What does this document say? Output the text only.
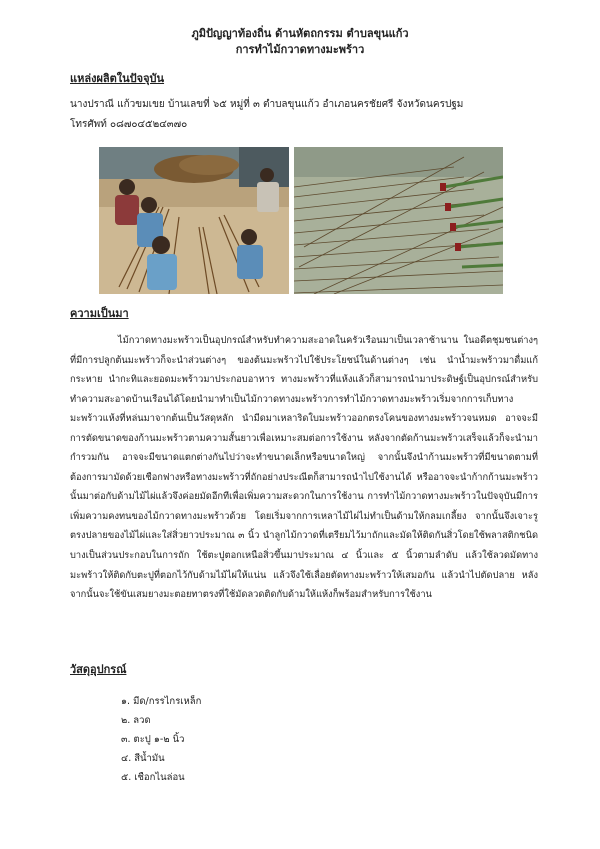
ภูมิปัญญาท้องถิ่น ด้านหัตถกรรม ตำบลขุนแก้ว
การทำไม้กวาดทางมะพร้าว
แหล่งผลิตในปัจจุบัน
นางปราณี แก้วขมเขย บ้านเลขที่ ๖๕ หมู่ที่ ๓ ตำบลขุนแก้ว อำเภอนครชัยศรี จังหวัดนครปฐม
โทรศัพท์ ๐๘๗๐๔๕๒๔๓๗๐
ความเป็นมา

ไม้กวาดทางมะพร้าวเป็นอุปกรณ์สำหรับทำความสะอาดในครัวเรือนมาเป็นเวลาช้านาน ในอดีตชุมชนต่างๆ ที่มีการปลูกต้นมะพร้าวก็จะนำส่วนต่างๆ ของต้นมะพร้าวไปใช้ประโยชน์ในด้านต่างๆ เช่น นำน้ำมะพร้าวมาดื่มแก้กระหาย นำกะทิและยอดมะพร้าวมาประกอบอาหาร ทางมะพร้าวที่แห้งแล้วก็สามารถนำมาประดิษฐ์เป็นอุปกรณ์สำหรับทำความสะอาดบ้านเรือนได้โดยนำมาทำเป็นไม้กวาดทางมะพร้าวการทำไม้กวาดทางมะพร้าวเริ่มจากการเก็บทางมะพร้าวแห้งที่หล่นมาจากต้นเป็นวัสดุหลัก นำมีดมาเหลาริดใบมะพร้าวออกตรงโคนของทางมะพร้าวจนหมด อาจจะมีการตัดขนาดของก้านมะพร้าวตามความสั้นยาวเพื่อเหมาะสมต่อการใช้งาน หลังจากตัดก้านมะพร้าวเสร็จแล้วก็จะนำมากำรวมกัน อาจจะมีขนาดแตกต่างกันไปว่าจะทำขนาดเล็กหรือขนาดใหญ่ จากนั้นจึงนำก้านมะพร้าวที่มีขนาดตามที่ต้องการมามัดด้วยเชือกฟางหรือทางมะพร้าวที่ถักอย่างประณีตก็สามารถนำไปใช้งานได้ หรืออาจจะนำก้ากก้านมะพร้าวนั้นมาต่อกับด้ามไม้ไผ่แล้วจึงค่อยมัดอีกทีเพื่อเพิ่มความสะดวกในการใช้งาน การทำไม้กวาดทางมะพร้าวในปัจจุบันมีการเพิ่มความคงทนของไม้กวาดทางมะพร้าวด้วย โดยเริ่มจากการเหลาไม้ไผ่ไม่ทำเป็นด้ามให้กลมเกลี้ยง จากนั้นจึงเจาะรูตรงปลายของไม้ไผ่และใส่สิ่วยาวประมาณ ๓ นิ้ว นำลูกไม้กวาดที่เตรียมไว้มาถักและมัดให้ติดกันสิ่วโดยใช้พลาสติกชนิดบางเป็นส่วนประกอบในการถัก ใช้ตะปูตอกเหนือสิ่วขึ้นมาประมาณ ๔ นิ้วและ ๕ นิ้วตามลำดับ แล้วใช้ลวดมัดทางมะพร้าวให้ติดกับตะปูที่ตอกไว้กับด้ามไม้ไผ่ให้แน่น แล้วจึงใช้เลื่อยตัดทางมะพร้าวให้เสมอกัน แล้วนำไปตัดปลาย หลังจากนั้นจะใช้ขันเสมยางมะตอยทาตรงที่ใช้มัดลวดติดกับด้ามให้แห้งก็พร้อมสำหรับการใช้งาน

วัสดุอุปกรณ์
๑. มีด/กรรไกรเหล็ก
๒. ลวด
๓. ตะปู ๑-๒ นิ้ว
๔. สีน้ำมัน
๕. เชือกไนล่อน
